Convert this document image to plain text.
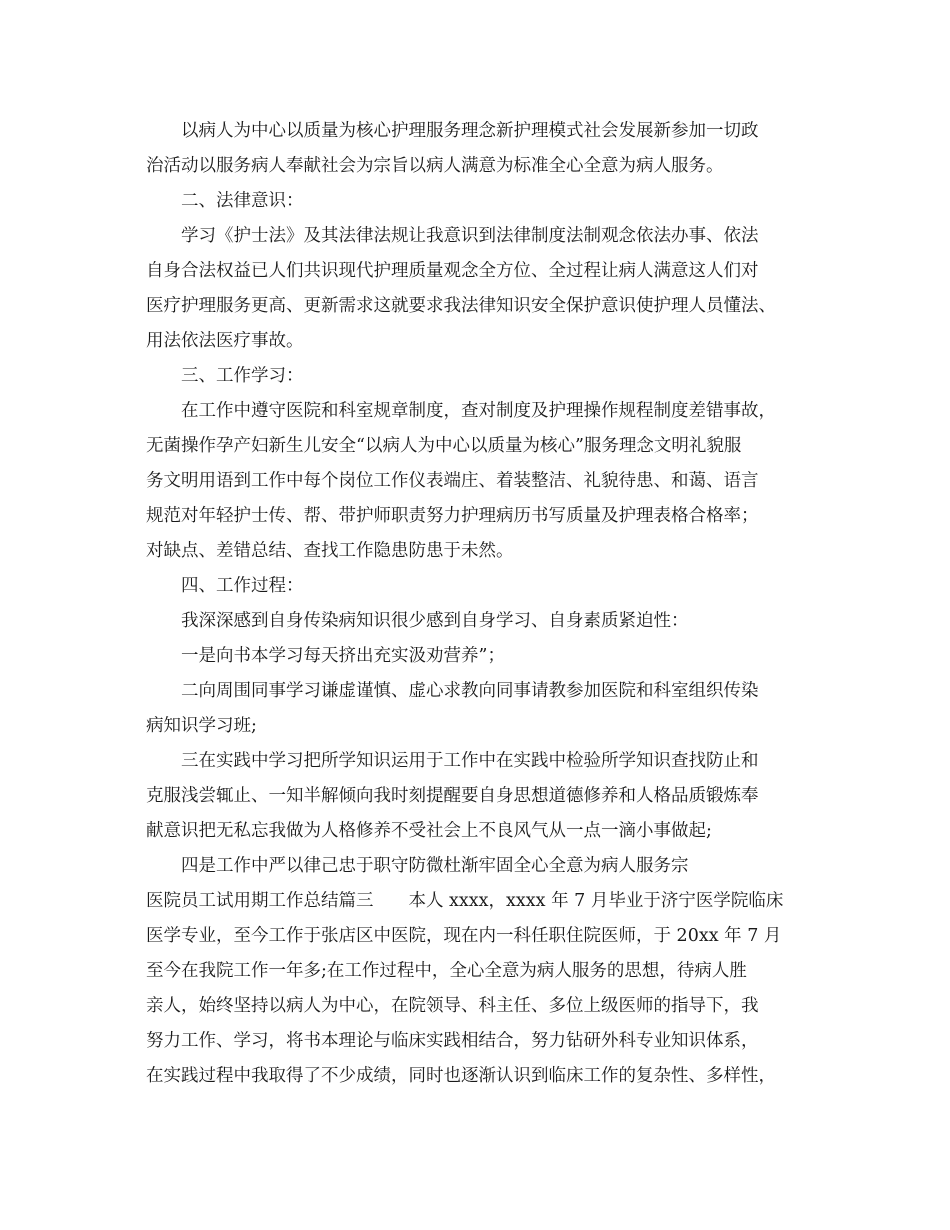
以病人为中心以质量为核心护理服务理念新护理模式社会发展新参加一切政
治活动以服务病人奉献社会为宗旨以病人满意为标准全心全意为病人服务。
二、法律意识：
学习《护士法》及其法律法规让我意识到法律制度法制观念依法办事、依法
自身合法权益已人们共识现代护理质量观念全方位、全过程让病人满意这人们对
医疗护理服务更高、更新需求这就要求我法律知识安全保护意识使护理人员懂法、
用法依法医疗事故。
三、工作学习：
在工作中遵守医院和科室规章制度，查对制度及护理操作规程制度差错事故，
无菌操作孕产妇新生儿安全“以病人为中心以质量为核心”服务理念文明礼貌服
务文明用语到工作中每个岗位工作仪表端庄、着装整洁、礼貌待患、和蔼、语言
规范对年轻护士传、帮、带护师职责努力护理病历书写质量及护理表格合格率；
对缺点、差错总结、查找工作隐患防患于未然。
四、工作过程：
我深深感到自身传染病知识很少感到自身学习、自身素质紧迫性：
一是向书本学习每天挤出充实汲劝营养”；
二向周围同事学习谦虚谨慎、虚心求教向同事请教参加医院和科室组织传染
病知识学习班;
三在实践中学习把所学知识运用于工作中在实践中检验所学知识查找防止和
克服浅尝辄止、一知半解倾向我时刻提醒要自身思想道德修养和人格品质锻炼奉
献意识把无私忘我做为人格修养不受社会上不良风气从一点一滴小事做起;
四是工作中严以律己忠于职守防微杜渐牢固全心全意为病人服务宗
医院员工试用期工作总结篇三　　本人 xxxx，xxxx 年 7 月毕业于济宁医学院临床
医学专业，至今工作于张店区中医院，现在内一科任职住院医师，于 20xx 年 7 月
至今在我院工作一年多;在工作过程中，全心全意为病人服务的思想，待病人胜
亲人，始终坚持以病人为中心，在院领导、科主任、多位上级医师的指导下，我
努力工作、学习，将书本理论与临床实践相结合，努力钻研外科专业知识体系，
在实践过程中我取得了不少成绩，同时也逐渐认识到临床工作的复杂性、多样性，
